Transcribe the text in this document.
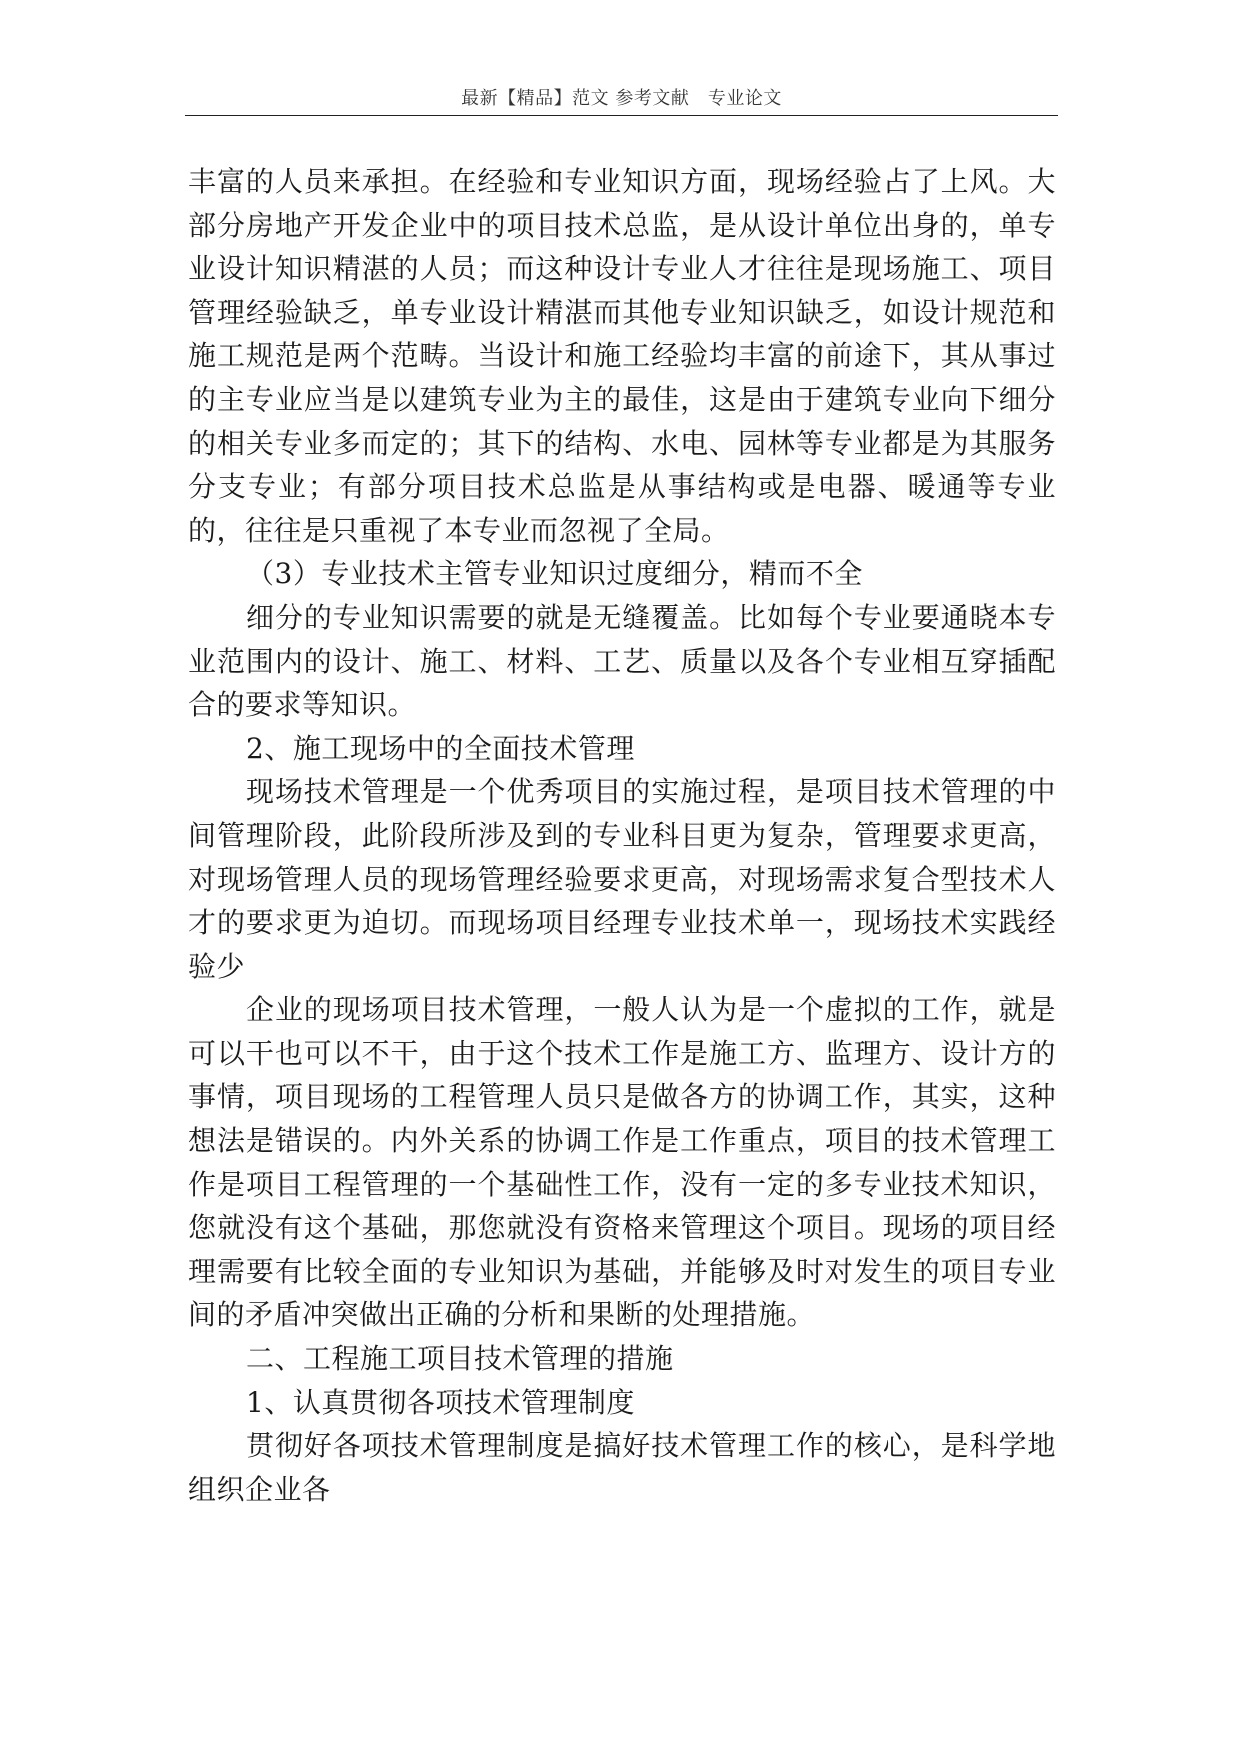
最新【精品】范文 参考文献　专业论文

丰富的人员来承担。在经验和专业知识方面，现场经验占了上风。大部分房地产开发企业中的项目技术总监，是从设计单位出身的，单专业设计知识精湛的人员；而这种设计专业人才往往是现场施工、项目管理经验缺乏，单专业设计精湛而其他专业知识缺乏，如设计规范和施工规范是两个范畴。当设计和施工经验均丰富的前途下，其从事过的主专业应当是以建筑专业为主的最佳，这是由于建筑专业向下细分的相关专业多而定的；其下的结构、水电、园林等专业都是为其服务分支专业；有部分项目技术总监是从事结构或是电器、暖通等专业的，往往是只重视了本专业而忽视了全局。

（3）专业技术主管专业知识过度细分，精而不全

细分的专业知识需要的就是无缝覆盖。比如每个专业要通晓本专业范围内的设计、施工、材料、工艺、质量以及各个专业相互穿插配合的要求等知识。

2、施工现场中的全面技术管理

现场技术管理是一个优秀项目的实施过程，是项目技术管理的中间管理阶段，此阶段所涉及到的专业科目更为复杂，管理要求更高，对现场管理人员的现场管理经验要求更高，对现场需求复合型技术人才的要求更为迫切。而现场项目经理专业技术单一，现场技术实践经验少

企业的现场项目技术管理，一般人认为是一个虚拟的工作，就是可以干也可以不干，由于这个技术工作是施工方、监理方、设计方的事情，项目现场的工程管理人员只是做各方的协调工作，其实，这种想法是错误的。内外关系的协调工作是工作重点，项目的技术管理工作是项目工程管理的一个基础性工作，没有一定的多专业技术知识，您就没有这个基础，那您就没有资格来管理这个项目。现场的项目经理需要有比较全面的专业知识为基础，并能够及时对发生的项目专业间的矛盾冲突做出正确的分析和果断的处理措施。

二、工程施工项目技术管理的措施

1、认真贯彻各项技术管理制度

贯彻好各项技术管理制度是搞好技术管理工作的核心，是科学地组织企业各
